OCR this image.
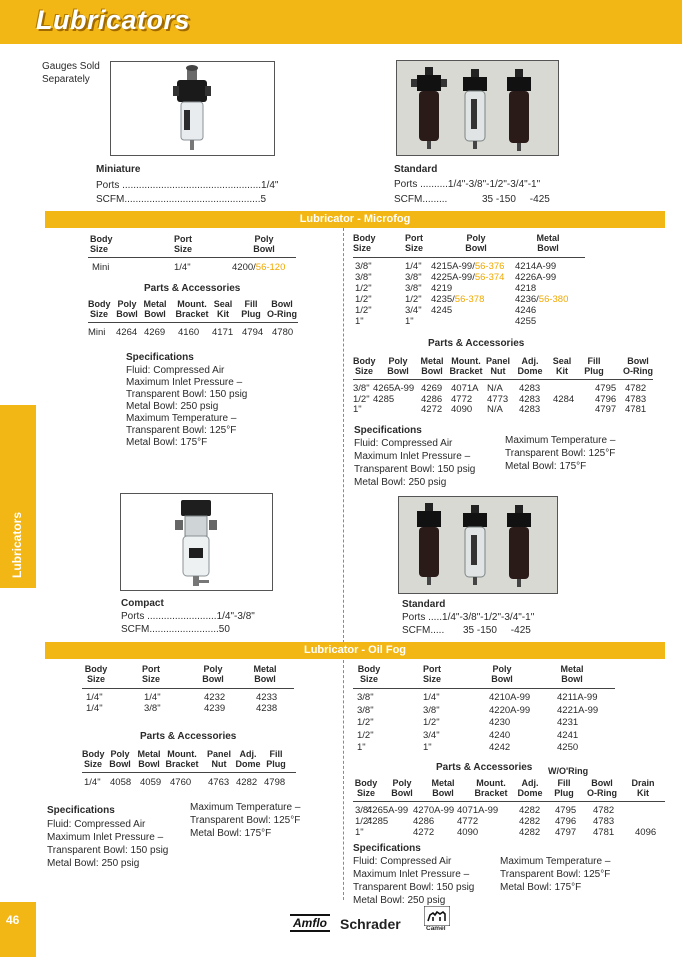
Lubricators
Lubricators
46
Gauges Sold
Separately
Miniature
Ports ..................................................1/4"
SCFM.................................................5
Standard
Ports ..........1/4"-3/8"-1/2"-3/4"-1"
SCFM.........	35 -150     -425
Lubricator - Microfog
Body
Size
Port
Size
Poly
Bowl
Mini	1/4"	4200/56-120
Parts & Accessories
Body
Size
Poly
Bowl
Metal
Bowl
Mount.
Bracket
Seal
Kit
Fill
Plug
Bowl
O-Ring
Mini 4264 4269 4160 4171 4794 4780
Specifications
Fluid: Compressed Air
Maximum Inlet Pressure –
Transparent Bowl: 150 psig
Metal Bowl: 250 psig
Maximum Temperature –
Transparent Bowl: 125°F
Metal Bowl: 175°F
Body
Size
Port
Size
Poly
Bowl
Metal
Bowl
3/8"	1/4" 4215A-99/56-376 4214A-99
3/8"	3/8" 4225A-99/56-374 4226A-99
1/2"	3/8" 4219	4218
1/2"	1/2" 4235/56-378	4236/56-380
1/2"	3/4" 4245	4246
1"	1"	4255
Parts & Accessories
Body
Size
Poly
Bowl
Metal
Bowl
Mount.
Bracket
Panel
Nut
Adj.
Dome
Seal
Kit
Fill
Plug
Bowl
O-Ring
3/8" 4265A-99 4269 4071A N/A 4283	4795 4782
1/2" 4285	4286 4772 4773 4283 4284 4796 4783
1"	4272 4090 N/A 4283	4797 4781
Specifications
Fluid: Compressed Air
Maximum Inlet Pressure –
Transparent Bowl: 150 psig
Metal Bowl: 250 psig
Maximum Temperature –
Transparent Bowl: 125°F
Metal Bowl: 175°F
Compact
Ports .........................1/4"-3/8"
SCFM.........................50
Standard
Ports .....1/4"-3/8"-1/2"-3/4"-1"
SCFM..... 35 -150     -425
Lubricator - Oil Fog
Body
Size
Port
Size
Poly
Bowl
Metal
Bowl
1/4"	1/4"	4232	4233
1/4"	3/8"	4239	4238
Parts & Accessories
Body
Size
Poly
Bowl
Metal
Bowl
Mount.
Bracket
Panel
Nut
Adj.
Dome
Fill
Plug
1/4" 4058 4059 4760 4763 4282 4798
Specifications
Fluid: Compressed Air
Maximum Inlet Pressure –
Transparent Bowl: 150 psig
Metal Bowl: 250 psig
Maximum Temperature –
Transparent Bowl: 125°F
Metal Bowl: 175°F
Body
Size
Port
Size
Poly
Bowl
Metal
Bowl
3/8"	1/4"	4210A-99	4211A-99
3/8"	3/8"	4220A-99	4221A-99
1/2"	1/2"	4230	4231
1/2"	3/4"	4240	4241
1"	1"	4242	4250
Parts & Accessories W/O'Ring
Body
Size
Poly
Bowl
Metal
Bowl
Mount.
Bracket
Adj.
Dome
Fill
Plug
Bowl
O-Ring
Drain
Kit
3/8"
4265A-99 4270A-99 4071A-99 4282 4795 4782
1/2"
4285	4286 4772	4282 4796 4783
1"	4272 4090	4282 4797 4781 4096
Specifications
Fluid: Compressed Air
Maximum Inlet Pressure –
Transparent Bowl: 150 psig
Metal Bowl: 250 psig
Maximum Temperature –
Transparent Bowl: 125°F
Metal Bowl: 175°F
Amflo Schrader	Camel
